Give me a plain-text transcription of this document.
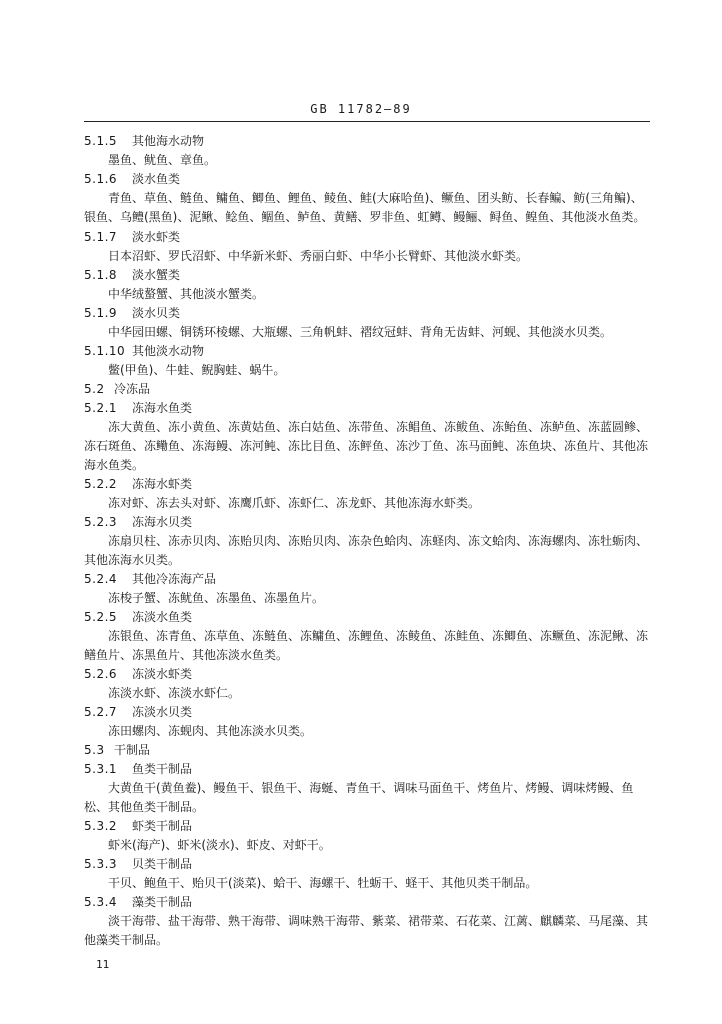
GB 11782—89
5.1.5 其他海水动物
墨鱼、鱿鱼、章鱼。
5.1.6 淡水鱼类
青鱼、草鱼、鲢鱼、鳙鱼、鲫鱼、鲤鱼、鲮鱼、鲑(大麻哈鱼)、鳜鱼、团头鲂、长春鳊、鲂(三角鳊)、银鱼、乌鳢(黑鱼)、泥鳅、鲶鱼、鲴鱼、鲈鱼、黄鳝、罗非鱼、虹鳟、鳗鲡、鲟鱼、鳇鱼、其他淡水鱼类。
5.1.7 淡水虾类
日本沼虾、罗氏沼虾、中华新米虾、秀丽白虾、中华小长臂虾、其他淡水虾类。
5.1.8 淡水蟹类
中华绒螯蟹、其他淡水蟹类。
5.1.9 淡水贝类
中华园田螺、铜锈环棱螺、大瓶螺、三角帆蚌、褶纹冠蚌、背角无齿蚌、河蚬、其他淡水贝类。
5.1.10 其他淡水动物
鳖(甲鱼)、牛蛙、鲵胸蛙、蜗牛。
5.2 冷冻品
5.2.1 冻海水鱼类
冻大黄鱼、冻小黄鱼、冻黄姑鱼、冻白姑鱼、冻带鱼、冻鲳鱼、冻鲅鱼、冻鲐鱼、冻鲈鱼、冻蓝圆鲹、冻石斑鱼、冻鳓鱼、冻海鳗、冻河鲀、冻比目鱼、冻鲆鱼、冻沙丁鱼、冻马面鲀、冻鱼块、冻鱼片、其他冻海水鱼类。
5.2.2 冻海水虾类
冻对虾、冻去头对虾、冻鹰爪虾、冻虾仁、冻龙虾、其他冻海水虾类。
5.2.3 冻海水贝类
冻扇贝柱、冻赤贝肉、冻贻贝肉、冻贻贝肉、冻杂色蛤肉、冻蛏肉、冻文蛤肉、冻海螺肉、冻牡蛎肉、其他冻海水贝类。
5.2.4 其他冷冻海产品
冻梭子蟹、冻鱿鱼、冻墨鱼、冻墨鱼片。
5.2.5 冻淡水鱼类
冻银鱼、冻青鱼、冻草鱼、冻鲢鱼、冻鳙鱼、冻鲤鱼、冻鲮鱼、冻鲑鱼、冻鲫鱼、冻鳜鱼、冻泥鳅、冻鳝鱼片、冻黑鱼片、其他冻淡水鱼类。
5.2.6 冻淡水虾类
冻淡水虾、冻淡水虾仁。
5.2.7 冻淡水贝类
冻田螺肉、冻蚬肉、其他冻淡水贝类。
5.3 干制品
5.3.1 鱼类干制品
大黄鱼干(黄鱼鲞)、鳗鱼干、银鱼干、海蜒、青鱼干、调味马面鱼干、烤鱼片、烤鳗、调味烤鳗、鱼松、其他鱼类干制品。
5.3.2 虾类干制品
虾米(海产)、虾米(淡水)、虾皮、对虾干。
5.3.3 贝类干制品
干贝、鲍鱼干、贻贝干(淡菜)、蛤干、海螺干、牡蛎干、蛏干、其他贝类干制品。
5.3.4 藻类干制品
淡干海带、盐干海带、熟干海带、调味熟干海带、紫菜、裙带菜、石花菜、江蓠、麒麟菜、马尾藻、其他藻类干制品。
11
